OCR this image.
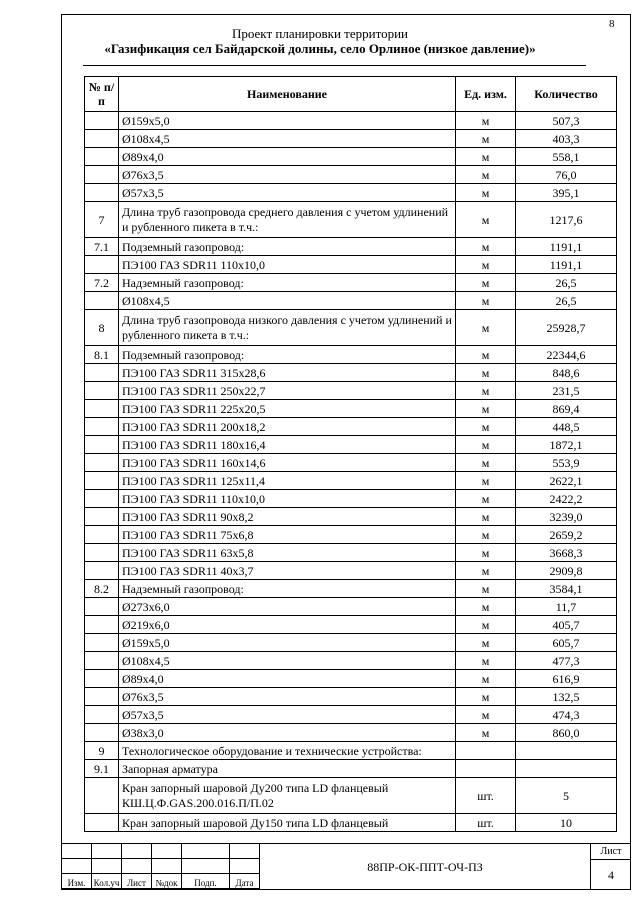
8
Проект планировки территории
«Газификация сел Байдарской долины, село Орлиное (низкое давление)»
№ п/п	Наименование	Ед. изм.	Количество
	Ø159х5,0	м	507,3
	Ø108х4,5	м	403,3
	Ø89х4,0	м	558,1
	Ø76х3,5	м	76,0
	Ø57х3,5	м	395,1
7	Длина труб газопровода среднего давления с учетом удлинений и рубленного пикета в т.ч.:	м	1217,6
7.1	Подземный газопровод:	м	1191,1
	ПЭ100 ГАЗ SDR11 110х10,0	м	1191,1
7.2	Надземный газопровод:	м	26,5
	Ø108х4,5	м	26,5
8	Длина труб газопровода низкого давления с учетом удлинений и рубленного пикета в т.ч.:	м	25928,7
8.1	Подземный газопровод:	м	22344,6
	ПЭ100 ГАЗ SDR11 315х28,6	м	848,6
	ПЭ100 ГАЗ SDR11 250х22,7	м	231,5
	ПЭ100 ГАЗ SDR11 225х20,5	м	869,4
	ПЭ100 ГАЗ SDR11 200х18,2	м	448,5
	ПЭ100 ГАЗ SDR11 180х16,4	м	1872,1
	ПЭ100 ГАЗ SDR11 160х14,6	м	553,9
	ПЭ100 ГАЗ SDR11 125х11,4	м	2622,1
	ПЭ100 ГАЗ SDR11 110х10,0	м	2422,2
	ПЭ100 ГАЗ SDR11 90х8,2	м	3239,0
	ПЭ100 ГАЗ SDR11 75х6,8	м	2659,2
	ПЭ100 ГАЗ SDR11 63х5,8	м	3668,3
	ПЭ100 ГАЗ SDR11 40х3,7	м	2909,8
8.2	Надземный газопровод:	м	3584,1
	Ø273х6,0	м	11,7
	Ø219х6,0	м	405,7
	Ø159х5,0	м	605,7
	Ø108х4,5	м	477,3
	Ø89х4,0	м	616,9
	Ø76х3,5	м	132,5
	Ø57х3,5	м	474,3
	Ø38х3,0	м	860,0
9	Технологическое оборудование и технические устройства:		
9.1	Запорная арматура		
	Кран запорный шаровой Ду200 типа LD фланцевый КШ.Ц.Ф.GAS.200.016.П/П.02	шт.	5
	Кран запорный шаровой Ду150 типа LD фланцевый	шт.	10

Изм.	Кол.уч	Лист	№док	Подп.	Дата
88ПР-ОК-ППТ-ОЧ-ПЗ
Лист
4
